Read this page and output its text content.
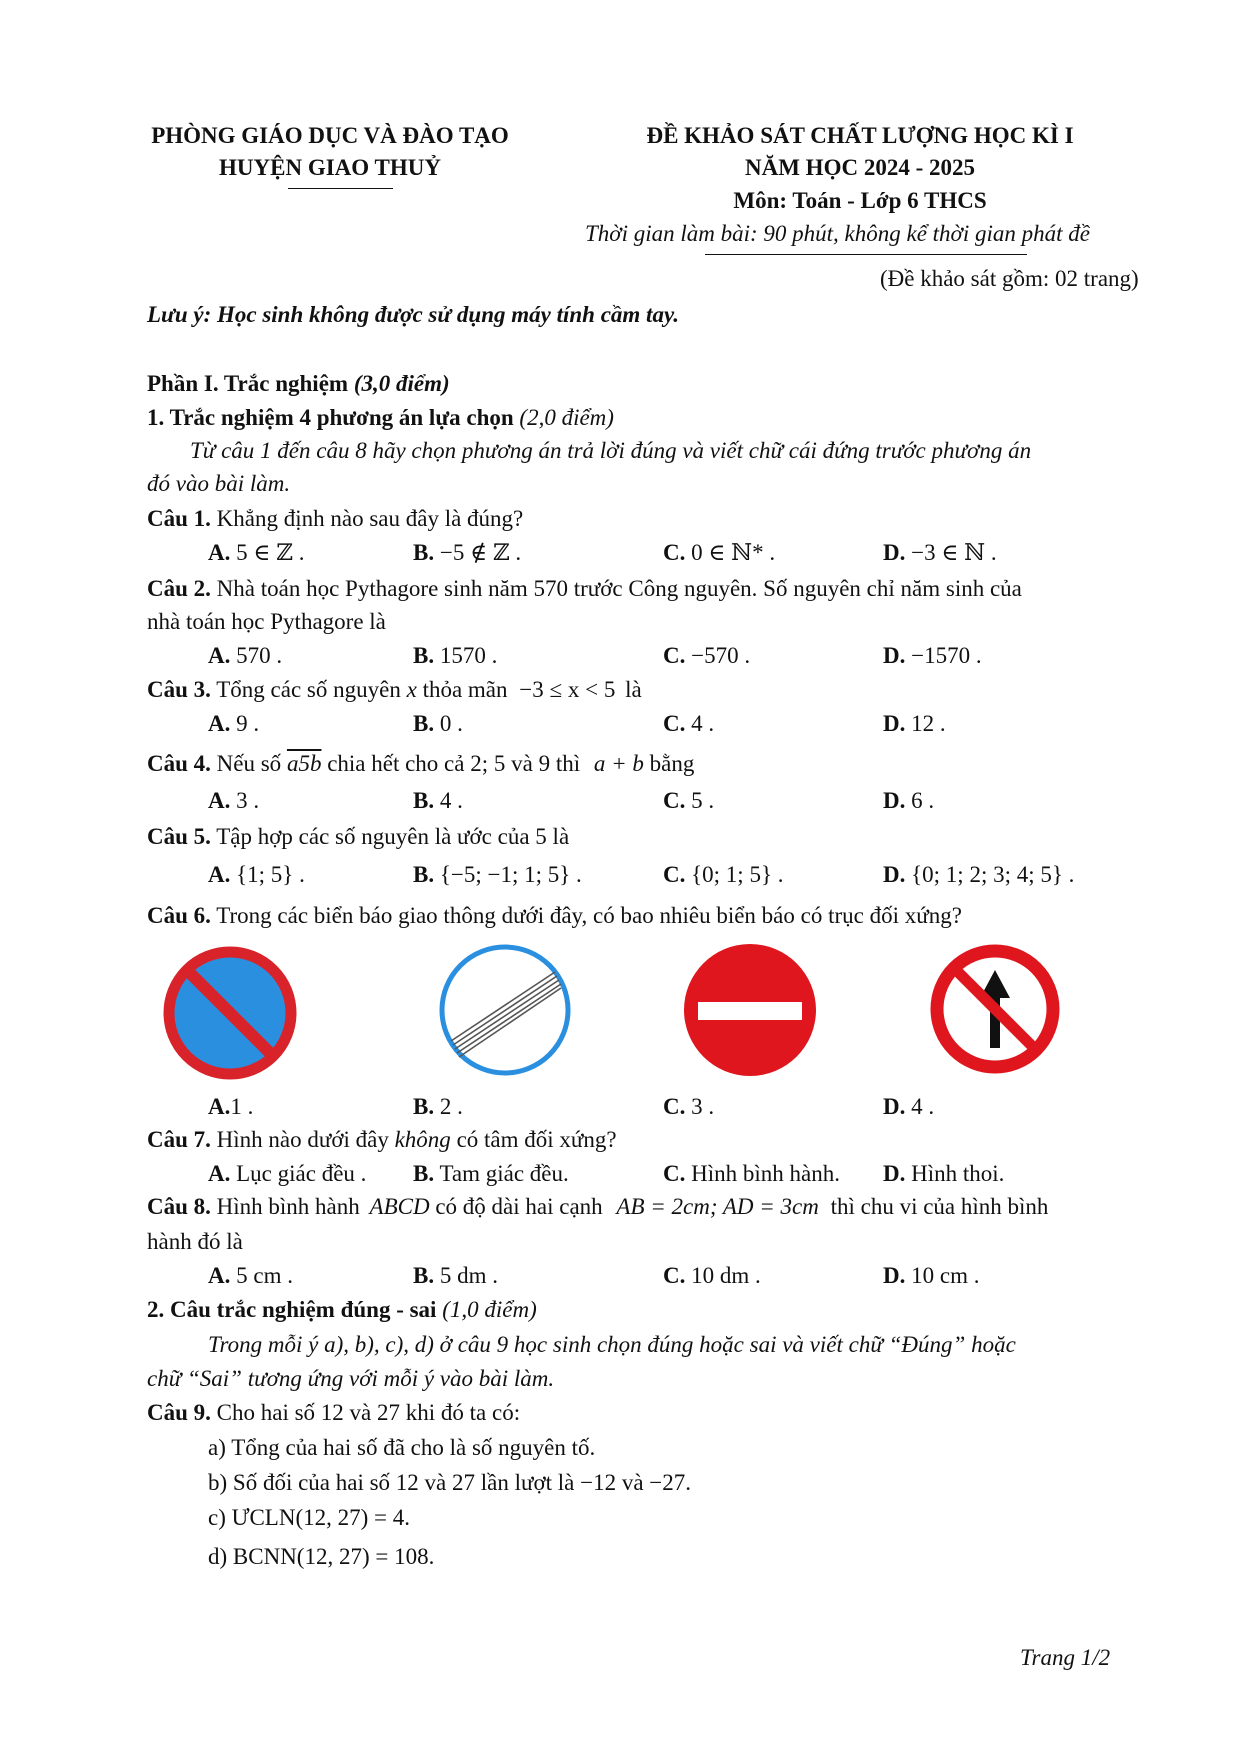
PHÒNG GIÁO DỤC VÀ ĐÀO TẠO
HUYỆN GIAO THUỶ
ĐỀ KHẢO SÁT CHẤT LƯỢNG HỌC KÌ I
NĂM HỌC 2024 - 2025
Môn: Toán - Lớp 6 THCS
Thời gian làm bài: 90 phút, không kể thời gian phát đề
(Đề khảo sát gồm: 02 trang)
Lưu ý: Học sinh không được sử dụng máy tính cầm tay.
Phần I. Trắc nghiệm (3,0 điểm)
1. Trắc nghiệm 4 phương án lựa chọn (2,0 điểm)
Từ câu 1 đến câu 8 hãy chọn phương án trả lời đúng và viết chữ cái đứng trước phương án
đó vào bài làm.
Câu 1. Khẳng định nào sau đây là đúng?
A. 5 ∈ ℤ .	B. −5 ∉ ℤ .	C. 0 ∈ ℕ* .	D. −3 ∈ ℕ .
Câu 2. Nhà toán học Pythagore sinh năm 570 trước Công nguyên. Số nguyên chỉ năm sinh của
nhà toán học Pythagore là
A. 570 .	B. 1570 .	C. −570 .	D. −1570 .
Câu 3. Tổng các số nguyên x thỏa mãn −3 ≤ x < 5 là
A. 9 .	B. 0 .	C. 4 .	D. 12 .
Câu 4. Nếu số a5b chia hết cho cả 2; 5 và 9 thì a + b bằng
A. 3 .	B. 4 .	C. 5 .	D. 6 .
Câu 5. Tập hợp các số nguyên là ước của 5 là
A. {1; 5} .	B. {−5; −1; 1; 5} .	C. {0; 1; 5} .	D. {0; 1; 2; 3; 4; 5} .
Câu 6. Trong các biển báo giao thông dưới đây, có bao nhiêu biển báo có trục đối xứng?
A.1 .	B. 2 .	C. 3 .	D. 4 .
Câu 7. Hình nào dưới đây không có tâm đối xứng?
A. Lục giác đều . B. Tam giác đều.	C. Hình bình hành. D. Hình thoi.
Câu 8. Hình bình hành ABCD có độ dài hai cạnh AB = 2cm; AD = 3cm thì chu vi của hình bình
hành đó là
A. 5 cm .	B. 5 dm .	C. 10 dm .	D. 10 cm .
2. Câu trắc nghiệm đúng - sai (1,0 điểm)
Trong mỗi ý a), b), c), d) ở câu 9 học sinh chọn đúng hoặc sai và viết chữ “Đúng” hoặc
chữ “Sai” tương ứng với mỗi ý vào bài làm.
Câu 9. Cho hai số 12 và 27 khi đó ta có:
a) Tổng của hai số đã cho là số nguyên tố.
b) Số đối của hai số 12 và 27 lần lượt là −12 và −27.
c) ƯCLN(12, 27) = 4.
d) BCNN(12, 27) = 108.
Trang 1/2
